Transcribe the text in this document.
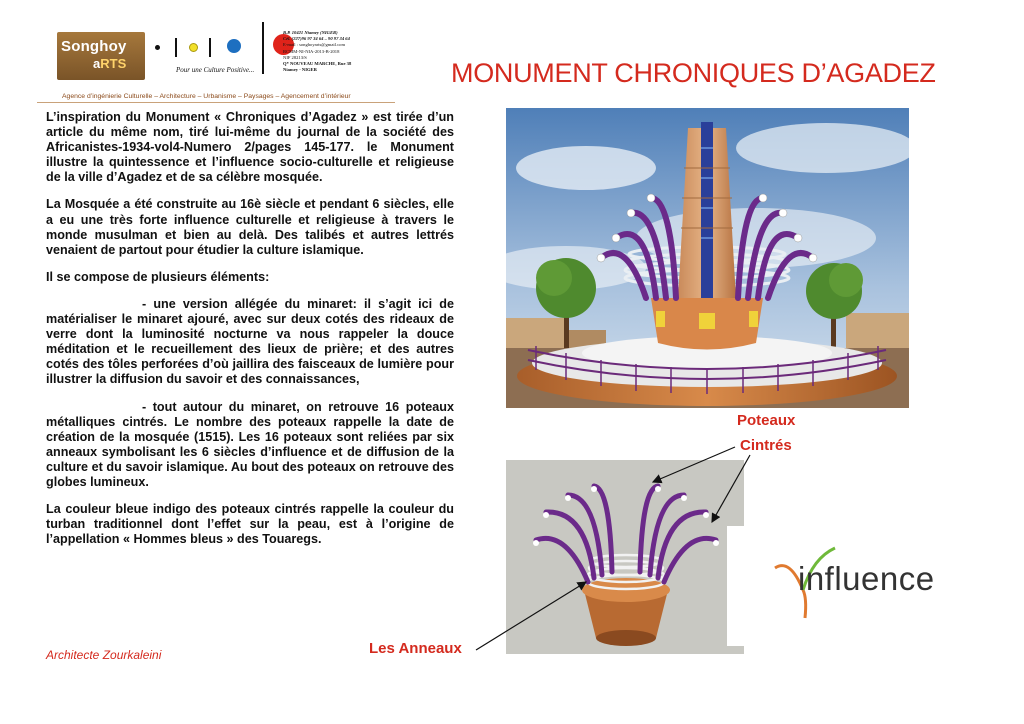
Songhoy
aRTS	Pour une Culture Positive...
B.P. 10421 Niamey (NIGER)
Cél. (227)96 97 34 64 – 90 97 34 64
E-mail : songhoyarts@gmail.com
RCMM-NI-NIA-2013-B-2018
NIF 28213/S
Q* NOUVEAU MARCHE, Rue 38
Niamey - NIGER
Agence d’ingénierie Culturelle – Architecture – Urbanisme – Paysages – Agencement d’intérieur
MONUMENT CHRONIQUES D’AGADEZ

L’inspiration du Monument « Chroniques d’Agadez » est tirée d’un article du même nom, tiré lui-même du journal de la société des Africanistes-1934-vol4-Numero 2/pages 145-177. le Monument illustre la quintessence et l’influence socio-culturelle et religieuse de la ville d’Agadez et de sa célèbre mosquée.

La Mosquée a été construite au 16è siècle et pendant 6 siècles, elle a eu une très forte influence culturelle et religieuse à travers le monde musulman et bien au delà. Des talibés et autres lettrés venaient de partout pour étudier la culture islamique.

Il se compose de plusieurs éléments:

- une version allégée du minaret: il s’agit ici de matérialiser le minaret ajouré, avec sur deux cotés des rideaux de verre dont la luminosité nocturne va nous rappeler la douce méditation et le recueillement des lieux de prière; et des autres cotés des tôles perforées d’où jaillira des faisceaux de lumière pour illustrer la diffusion du savoir et des connaissances,

- tout autour du minaret, on retrouve 16 poteaux métalliques cintrés. Le nombre des poteaux rappelle la date de création de la mosquée (1515). Les 16 poteaux sont reliées par six anneaux symbolisant les 6 siècles d’influence et de diffusion de la culture et du savoir islamique. Au bout des poteaux on retrouve des globes lumineux.

La couleur bleue indigo des poteaux cintrés rappelle la couleur du turban traditionnel dont l’effet sur la peau, est à l’origine de l’appellation « Hommes bleus » des Touaregs.

Architecte Zourkaleini
Poteaux
Cintrés
Les Anneaux
influence
